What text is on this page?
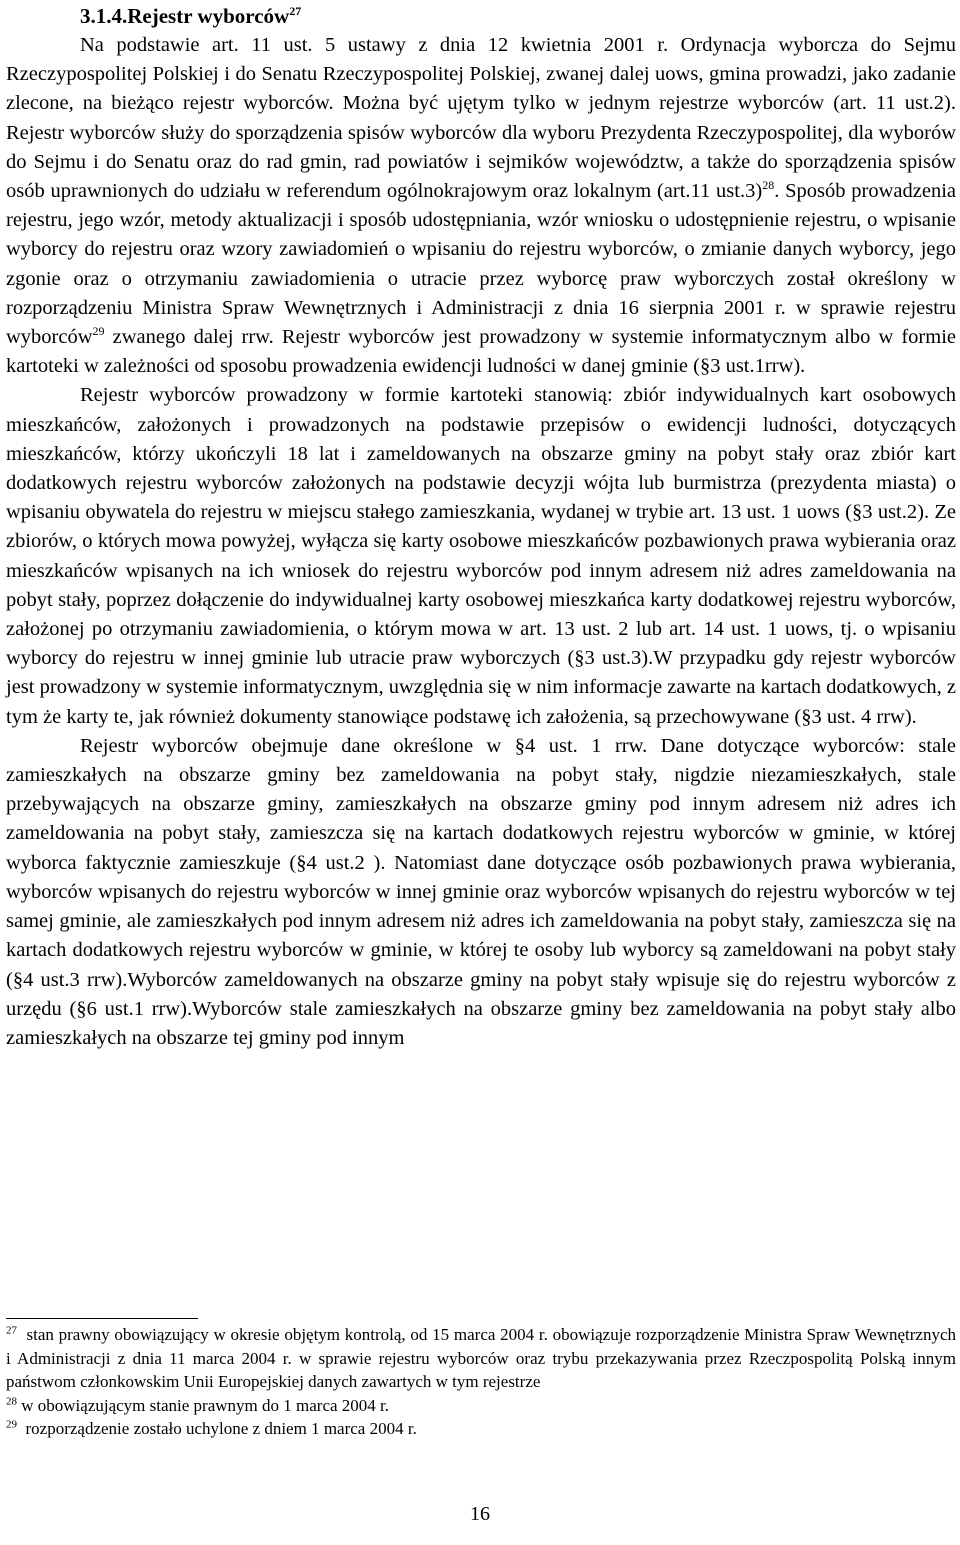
3.1.4.Rejestr wyborców$^{27}$

Na podstawie art. 11 ust. 5 ustawy z dnia 12 kwietnia 2001 r. Ordynacja wyborcza do Sejmu Rzeczypospolitej Polskiej i do Senatu Rzeczypospolitej Polskiej, zwanej dalej uows, gmina prowadzi, jako zadanie zlecone, na bieżąco rejestr wyborców. Można być ujętym tylko w jednym rejestrze wyborców (art. 11 ust.2). Rejestr wyborców służy do sporządzenia spisów wyborców dla wyboru Prezydenta Rzeczypospolitej, dla wyborów do Sejmu i do Senatu oraz do rad gmin, rad powiatów i sejmików województw, a także do sporządzenia spisów osób uprawnionych do udziału w referendum ogólnokrajowym oraz lokalnym (art.11 ust.3)$^{28}$. Sposób prowadzenia rejestru, jego wzór, metody aktualizacji i sposób udostępniania, wzór wniosku o udostępnienie rejestru, o wpisanie wyborcy do rejestru oraz wzory zawiadomień o wpisaniu do rejestru wyborców, o zmianie danych wyborcy, jego zgonie oraz o otrzymaniu zawiadomienia o utracie przez wyborcę praw wyborczych został określony w rozporządzeniu Ministra Spraw Wewnętrznych i Administracji z dnia 16 sierpnia 2001 r. w sprawie rejestru wyborców$^{29}$ zwanego dalej rrw. Rejestr wyborców jest prowadzony w systemie informatycznym albo w formie kartoteki w zależności od sposobu prowadzenia ewidencji ludności w danej gminie (§3 ust.1rrw).

Rejestr wyborców prowadzony w formie kartoteki stanowią: zbiór indywidualnych kart osobowych mieszkańców, założonych i prowadzonych na podstawie przepisów o ewidencji ludności, dotyczących mieszkańców, którzy ukończyli 18 lat i zameldowanych na obszarze gminy na pobyt stały oraz zbiór kart dodatkowych rejestru wyborców założonych na podstawie decyzji wójta lub burmistrza (prezydenta miasta) o wpisaniu obywatela do rejestru w miejscu stałego zamieszkania, wydanej w trybie art. 13 ust. 1 uows (§3 ust.2). Ze zbiorów, o których mowa powyżej, wyłącza się karty osobowe mieszkańców pozbawionych prawa wybierania oraz mieszkańców wpisanych na ich wniosek do rejestru wyborców pod innym adresem niż adres zameldowania na pobyt stały, poprzez dołączenie do indywidualnej karty osobowej mieszkańca karty dodatkowej rejestru wyborców, założonej po otrzymaniu zawiadomienia, o którym mowa w art. 13 ust. 2 lub art. 14 ust. 1 uows, tj. o wpisaniu wyborcy do rejestru w innej gminie lub utracie praw wyborczych (§3 ust.3).W przypadku gdy rejestr wyborców jest prowadzony w systemie informatycznym, uwzględnia się w nim informacje zawarte na kartach dodatkowych, z tym że karty te, jak również dokumenty stanowiące podstawę ich założenia, są przechowywane (§3 ust. 4 rrw).

Rejestr wyborców obejmuje dane określone w §4 ust. 1 rrw. Dane dotyczące wyborców: stale zamieszkałych na obszarze gminy bez zameldowania na pobyt stały, nigdzie niezamieszkałych, stale przebywających na obszarze gminy, zamieszkałych na obszarze gminy pod innym adresem niż adres ich zameldowania na pobyt stały, zamieszcza się na kartach dodatkowych rejestru wyborców w gminie, w której wyborca faktycznie zamieszkuje (§4 ust.2 ). Natomiast dane dotyczące osób pozbawionych prawa wybierania, wyborców wpisanych do rejestru wyborców w innej gminie oraz wyborców wpisanych do rejestru wyborców w tej samej gminie, ale zamieszkałych pod innym adresem niż adres ich zameldowania na pobyt stały, zamieszcza się na kartach dodatkowych rejestru wyborców w gminie, w której te osoby lub wyborcy są zameldowani na pobyt stały (§4 ust.3 rrw).Wyborców zameldowanych na obszarze gminy na pobyt stały wpisuje się do rejestru wyborców z urzędu (§6 ust.1 rrw).Wyborców stale zamieszkałych na obszarze gminy bez zameldowania na pobyt stały albo zamieszkałych na obszarze tej gminy pod innym

$^{27}$ stan prawny obowiązujący w okresie objętym kontrolą, od 15 marca 2004 r. obowiązuje rozporządzenie Ministra Spraw Wewnętrznych i Administracji z dnia 11 marca 2004 r. w sprawie rejestru wyborców oraz trybu przekazywania przez Rzeczpospolitą Polską innym państwom członkowskim Unii Europejskiej danych zawartych w tym rejestrze

$^{28}$ w obowiązującym stanie prawnym do 1 marca 2004 r.

$^{29}$ rozporządzenie zostało uchylone z dniem 1 marca 2004 r.

16
